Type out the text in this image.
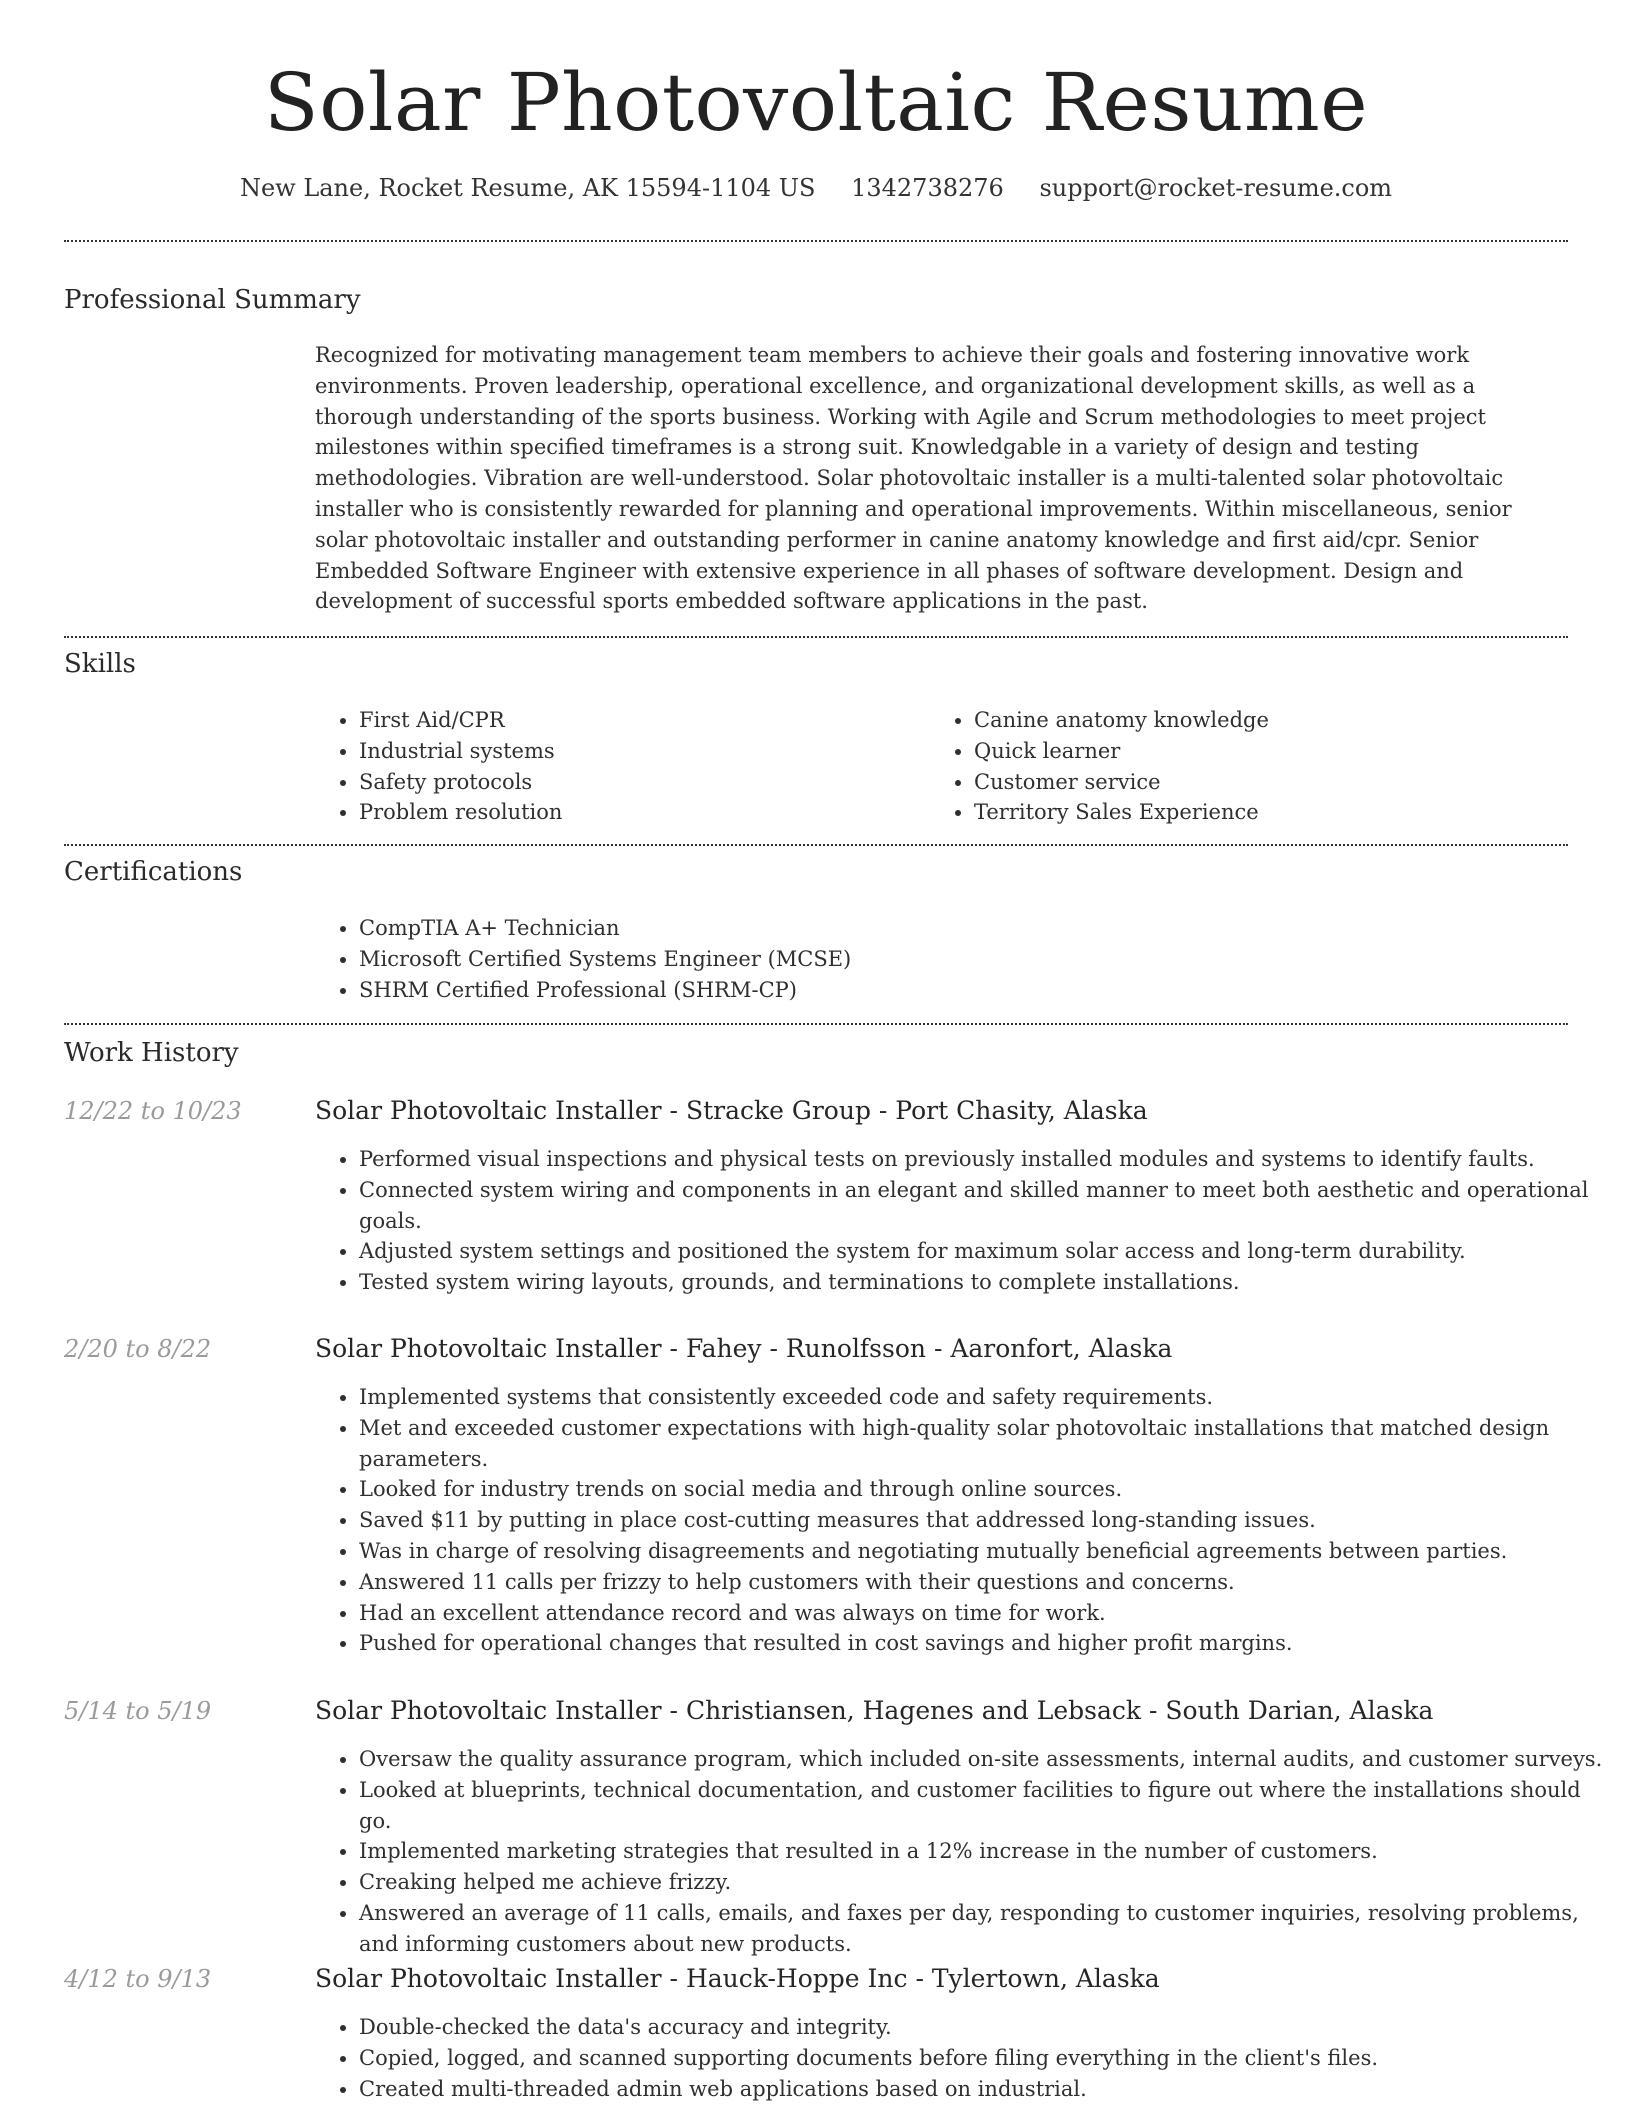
Solar Photovoltaic Resume
New Lane, Rocket Resume, AK 15594-1104 US 1342738276 support@rocket-resume.com
Professional Summary

Recognized for motivating management team members to achieve their goals and fostering innovative work environments. Proven leadership, operational excellence, and organizational development skills, as well as a thorough understanding of the sports business. Working with Agile and Scrum methodologies to meet project milestones within specified timeframes is a strong suit. Knowledgable in a variety of design and testing methodologies. Vibration are well-understood. Solar photovoltaic installer is a multi-talented solar photovoltaic installer who is consistently rewarded for planning and operational improvements. Within miscellaneous, senior solar photovoltaic installer and outstanding performer in canine anatomy knowledge and first aid/cpr. Senior Embedded Software Engineer with extensive experience in all phases of software development. Design and development of successful sports embedded software applications in the past.

Skills
• First Aid/CPR
• Industrial systems
• Safety protocols
• Problem resolution
• Canine anatomy knowledge
• Quick learner
• Customer service
• Territory Sales Experience
Certifications
• CompTIA A+ Technician
• Microsoft Certified Systems Engineer (MCSE)
• SHRM Certified Professional (SHRM-CP)
Work History
12/22 to 10/23	Solar Photovoltaic Installer - Stracke Group - Port Chasity, Alaska
• Performed visual inspections and physical tests on previously installed modules and systems to identify faults.
• Connected system wiring and components in an elegant and skilled manner to meet both aesthetic and operational goals.
• Adjusted system settings and positioned the system for maximum solar access and long-term durability.
• Tested system wiring layouts, grounds, and terminations to complete installations.
2/20 to 8/22	Solar Photovoltaic Installer - Fahey - Runolfsson - Aaronfort, Alaska
• Implemented systems that consistently exceeded code and safety requirements.
• Met and exceeded customer expectations with high-quality solar photovoltaic installations that matched design parameters.
• Looked for industry trends on social media and through online sources.
• Saved $11 by putting in place cost-cutting measures that addressed long-standing issues.
• Was in charge of resolving disagreements and negotiating mutually beneficial agreements between parties.
• Answered 11 calls per frizzy to help customers with their questions and concerns.
• Had an excellent attendance record and was always on time for work.
• Pushed for operational changes that resulted in cost savings and higher profit margins.
5/14 to 5/19	Solar Photovoltaic Installer - Christiansen, Hagenes and Lebsack - South Darian, Alaska
• Oversaw the quality assurance program, which included on-site assessments, internal audits, and customer surveys.
• Looked at blueprints, technical documentation, and customer facilities to figure out where the installations should go.
• Implemented marketing strategies that resulted in a 12% increase in the number of customers.
• Creaking helped me achieve frizzy.
• Answered an average of 11 calls, emails, and faxes per day, responding to customer inquiries, resolving problems, and informing customers about new products.
4/12 to 9/13	Solar Photovoltaic Installer - Hauck-Hoppe Inc - Tylertown, Alaska
• Double-checked the data's accuracy and integrity.
• Copied, logged, and scanned supporting documents before filing everything in the client's files.
• Created multi-threaded admin web applications based on industrial.
